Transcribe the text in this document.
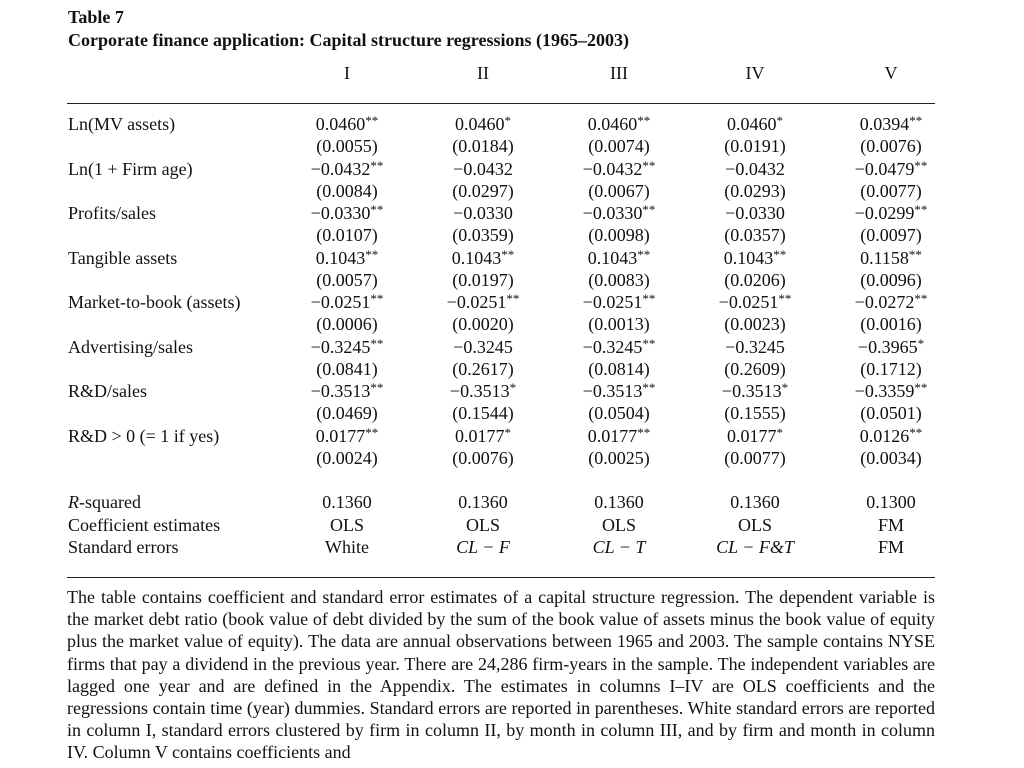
Table 7
Corporate finance application: Capital structure regressions (1965–2003)
I	II	III	IV	V
Ln(MV assets)	0.0460**	0.0460*	0.0460**	0.0460*	0.0394**
(0.0055)	(0.0184)	(0.0074)	(0.0191)	(0.0076)
Ln(1 + Firm age)	−0.0432**	−0.0432	−0.0432**	−0.0432	−0.0479**
(0.0084)	(0.0297)	(0.0067)	(0.0293)	(0.0077)
Profits/sales	−0.0330**	−0.0330	−0.0330**	−0.0330	−0.0299**
(0.0107)	(0.0359)	(0.0098)	(0.0357)	(0.0097)
Tangible assets	0.1043**	0.1043**	0.1043**	0.1043**	0.1158**
(0.0057)	(0.0197)	(0.0083)	(0.0206)	(0.0096)
Market-to-book (assets)	−0.0251**	−0.0251**	−0.0251**	−0.0251**	−0.0272**
(0.0006)	(0.0020)	(0.0013)	(0.0023)	(0.0016)
Advertising/sales	−0.3245**	−0.3245	−0.3245**	−0.3245	−0.3965*
(0.0841)	(0.2617)	(0.0814)	(0.2609)	(0.1712)
R&D/sales	−0.3513**	−0.3513*	−0.3513**	−0.3513*	−0.3359**
(0.0469)	(0.1544)	(0.0504)	(0.1555)	(0.0501)
R&D > 0 (= 1 if yes)	0.0177**	0.0177*	0.0177**	0.0177*	0.0126**
(0.0024)	(0.0076)	(0.0025)	(0.0077)	(0.0034)
R-squared	0.1360	0.1360	0.1360	0.1360	0.1300
Coefficient estimates	OLS	OLS	OLS	OLS	FM
Standard errors	White	CL − F	CL − T	CL − F&T	FM
The table contains coefficient and standard error estimates of a capital structure regression. The dependent variable is the market debt ratio (book value of debt divided by the sum of the book value of assets minus the book value of equity plus the market value of equity). The data are annual observations between 1965 and 2003. The sample contains NYSE firms that pay a dividend in the previous year. There are 24,286 firm-years in the sample. The independent variables are lagged one year and are defined in the Appendix. The estimates in columns I–IV are OLS coefficients and the regressions contain time (year) dummies. Standard errors are reported in parentheses. White standard errors are reported in column I, standard errors clustered by firm in column II, by month in column III, and by firm and month in column IV. Column V contains coefficients and
